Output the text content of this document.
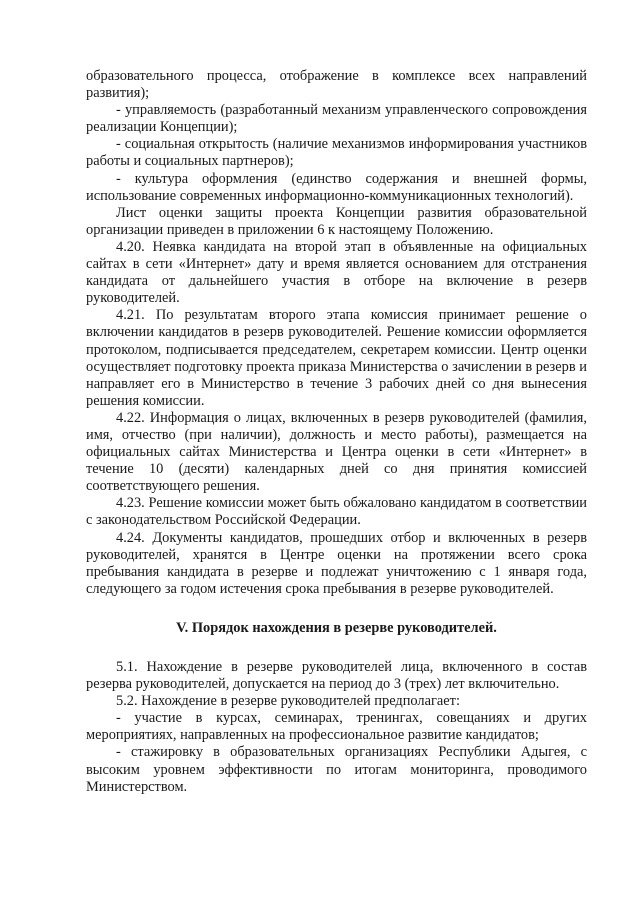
образовательного процесса, отображение в комплексе всех направлений развития);

- управляемость (разработанный механизм управленческого сопровождения реализации Концепции);

- социальная открытость (наличие механизмов информирования участников работы и социальных партнеров);

- культура оформления (единство содержания и внешней формы, использование современных информационно-коммуникационных технологий).

Лист оценки защиты проекта Концепции развития образовательной организации приведен в приложении 6 к настоящему Положению.

4.20. Неявка кандидата на второй этап в объявленные на официальных сайтах в сети «Интернет» дату и время является основанием для отстранения кандидата от дальнейшего участия в отборе на включение в резерв руководителей.

4.21. По результатам второго этапа комиссия принимает решение о включении кандидатов в резерв руководителей. Решение комиссии оформляется протоколом, подписывается председателем, секретарем комиссии. Центр оценки осуществляет подготовку проекта приказа Министерства о зачислении в резерв и направляет его в Министерство в течение 3 рабочих дней со дня вынесения решения комиссии.

4.22. Информация о лицах, включенных в резерв руководителей (фамилия, имя, отчество (при наличии), должность и место работы), размещается на официальных сайтах Министерства и Центра оценки в сети «Интернет» в течение 10 (десяти) календарных дней со дня принятия комиссией соответствующего решения.

4.23. Решение комиссии может быть обжаловано кандидатом в соответствии с законодательством Российской Федерации.

4.24. Документы кандидатов, прошедших отбор и включенных в резерв руководителей, хранятся в Центре оценки на протяжении всего срока пребывания кандидата в резерве и подлежат уничтожению с 1 января года, следующего за годом истечения срока пребывания в резерве руководителей.

V. Порядок нахождения в резерве руководителей.

5.1. Нахождение в резерве руководителей лица, включенного в состав резерва руководителей, допускается на период до 3 (трех) лет включительно.

5.2. Нахождение в резерве руководителей предполагает:

- участие в курсах, семинарах, тренингах, совещаниях и других мероприятиях, направленных на профессиональное развитие кандидатов;

- стажировку в образовательных организациях Республики Адыгея, с высоким уровнем эффективности по итогам мониторинга, проводимого Министерством.
